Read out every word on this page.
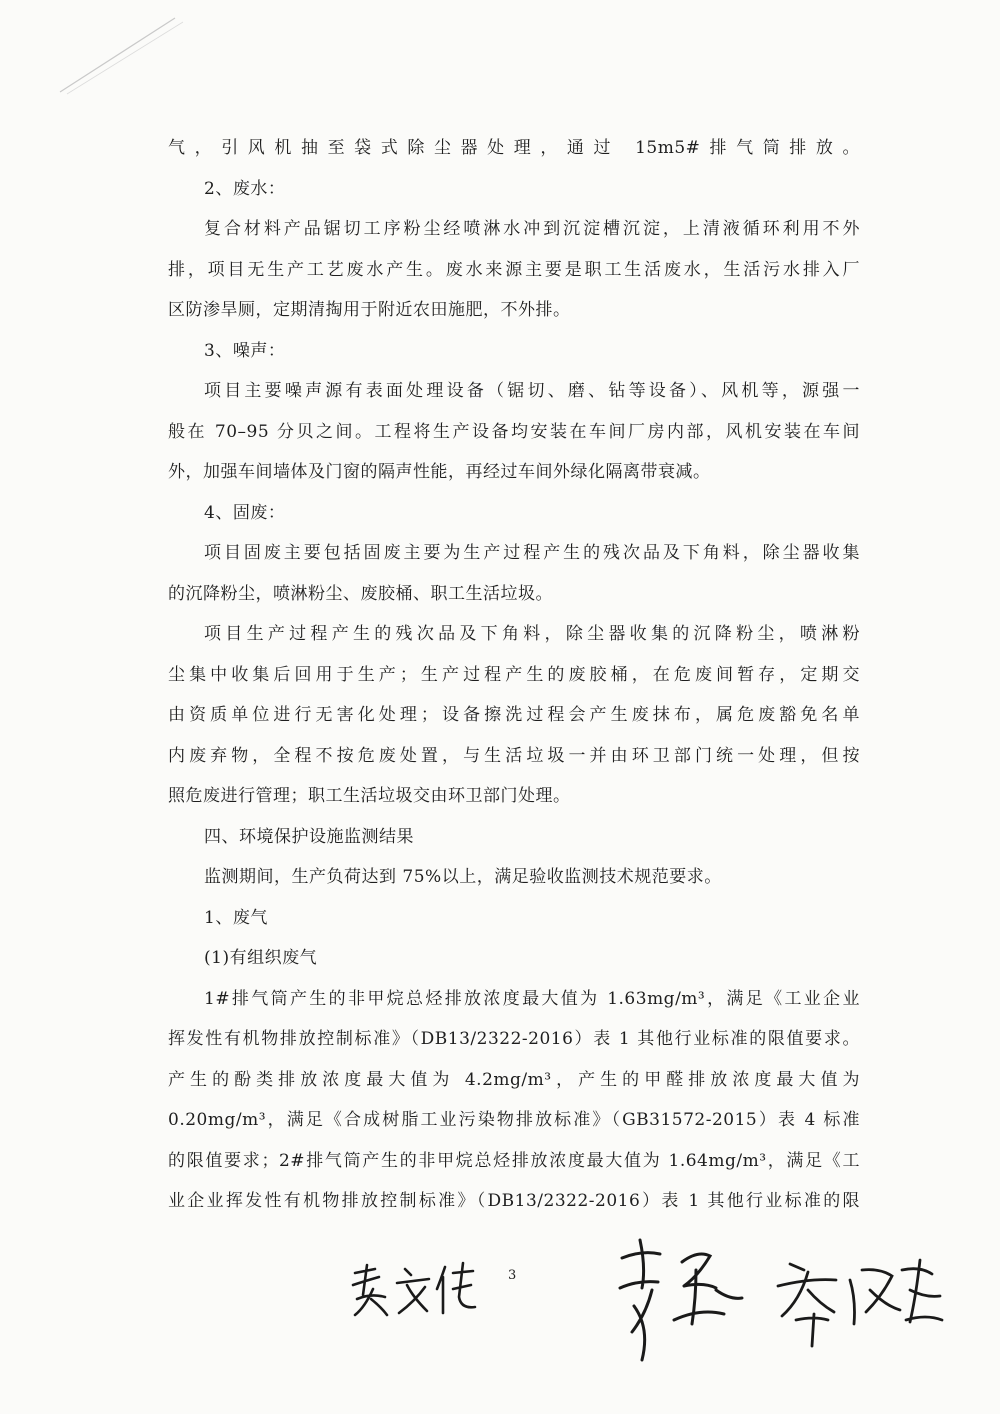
气，引风机抽至袋式除尘器处理，通过 15m5#排气筒排放。
2、废水：
复合材料产品锯切工序粉尘经喷淋水冲到沉淀槽沉淀，上清液循环利用不外
排，项目无生产工艺废水产生。废水来源主要是职工生活废水，生活污水排入厂
区防渗旱厕，定期清掏用于附近农田施肥，不外排。
3、噪声：
项目主要噪声源有表面处理设备（锯切、磨、钻等设备）、风机等，源强一
般在 70–95 分贝之间。工程将生产设备均安装在车间厂房内部，风机安装在车间
外，加强车间墙体及门窗的隔声性能，再经过车间外绿化隔离带衰减。
4、固废：
项目固废主要包括固废主要为生产过程产生的残次品及下角料，除尘器收集
的沉降粉尘，喷淋粉尘、废胶桶、职工生活垃圾。
项目生产过程产生的残次品及下角料，除尘器收集的沉降粉尘，喷淋粉
尘集中收集后回用于生产；生产过程产生的废胶桶，在危废间暂存，定期交
由资质单位进行无害化处理；设备擦洗过程会产生废抹布，属危废豁免名单
内废弃物，全程不按危废处置，与生活垃圾一并由环卫部门统一处理，但按
照危废进行管理；职工生活垃圾交由环卫部门处理。
四、环境保护设施监测结果
监测期间，生产负荷达到 75%以上，满足验收监测技术规范要求。
1、废气
(1)有组织废气
1#排气筒产生的非甲烷总烃排放浓度最大值为 1.63mg/m³，满足《工业企业
挥发性有机物排放控制标准》（DB13/2322-2016）表 1 其他行业标准的限值要求。
产生的酚类排放浓度最大值为 4.2mg/m³，产生的甲醛排放浓度最大值为
0.20mg/m³，满足《合成树脂工业污染物排放标准》（GB31572-2015）表 4 标准
的限值要求；2#排气筒产生的非甲烷总烃排放浓度最大值为 1.64mg/m³，满足《工
业企业挥发性有机物排放控制标准》（DB13/2322-2016）表 1 其他行业标准的限
3
